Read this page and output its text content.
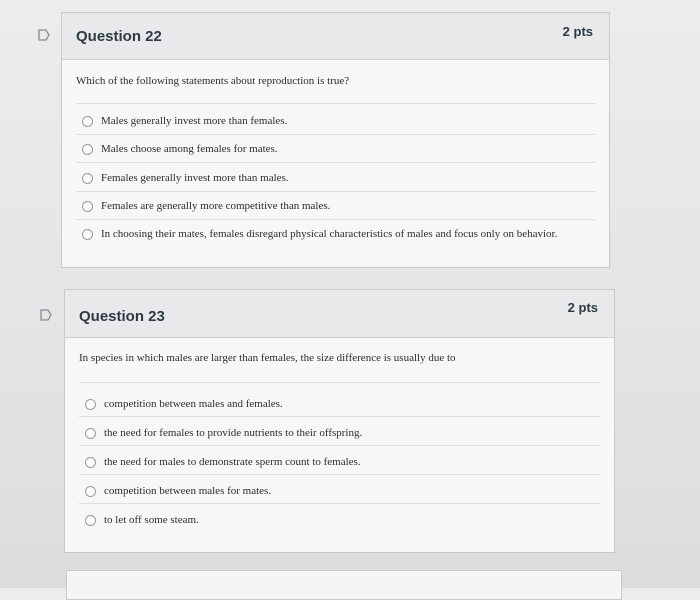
Question 22	2 pts
Which of the following statements about reproduction is true?
Males generally invest more than females.
Males choose among females for mates.
Females generally invest more than males.
Females are generally more competitive than males.
In choosing their mates, females disregard physical characteristics of males and focus only on behavior.
Question 23
2 pts
In species in which males are larger than females, the size difference is usually due to
competition between males and females.
the need for females to provide nutrients to their offspring.
the need for males to demonstrate sperm count to females.
competition between males for mates.
to let off some steam.
